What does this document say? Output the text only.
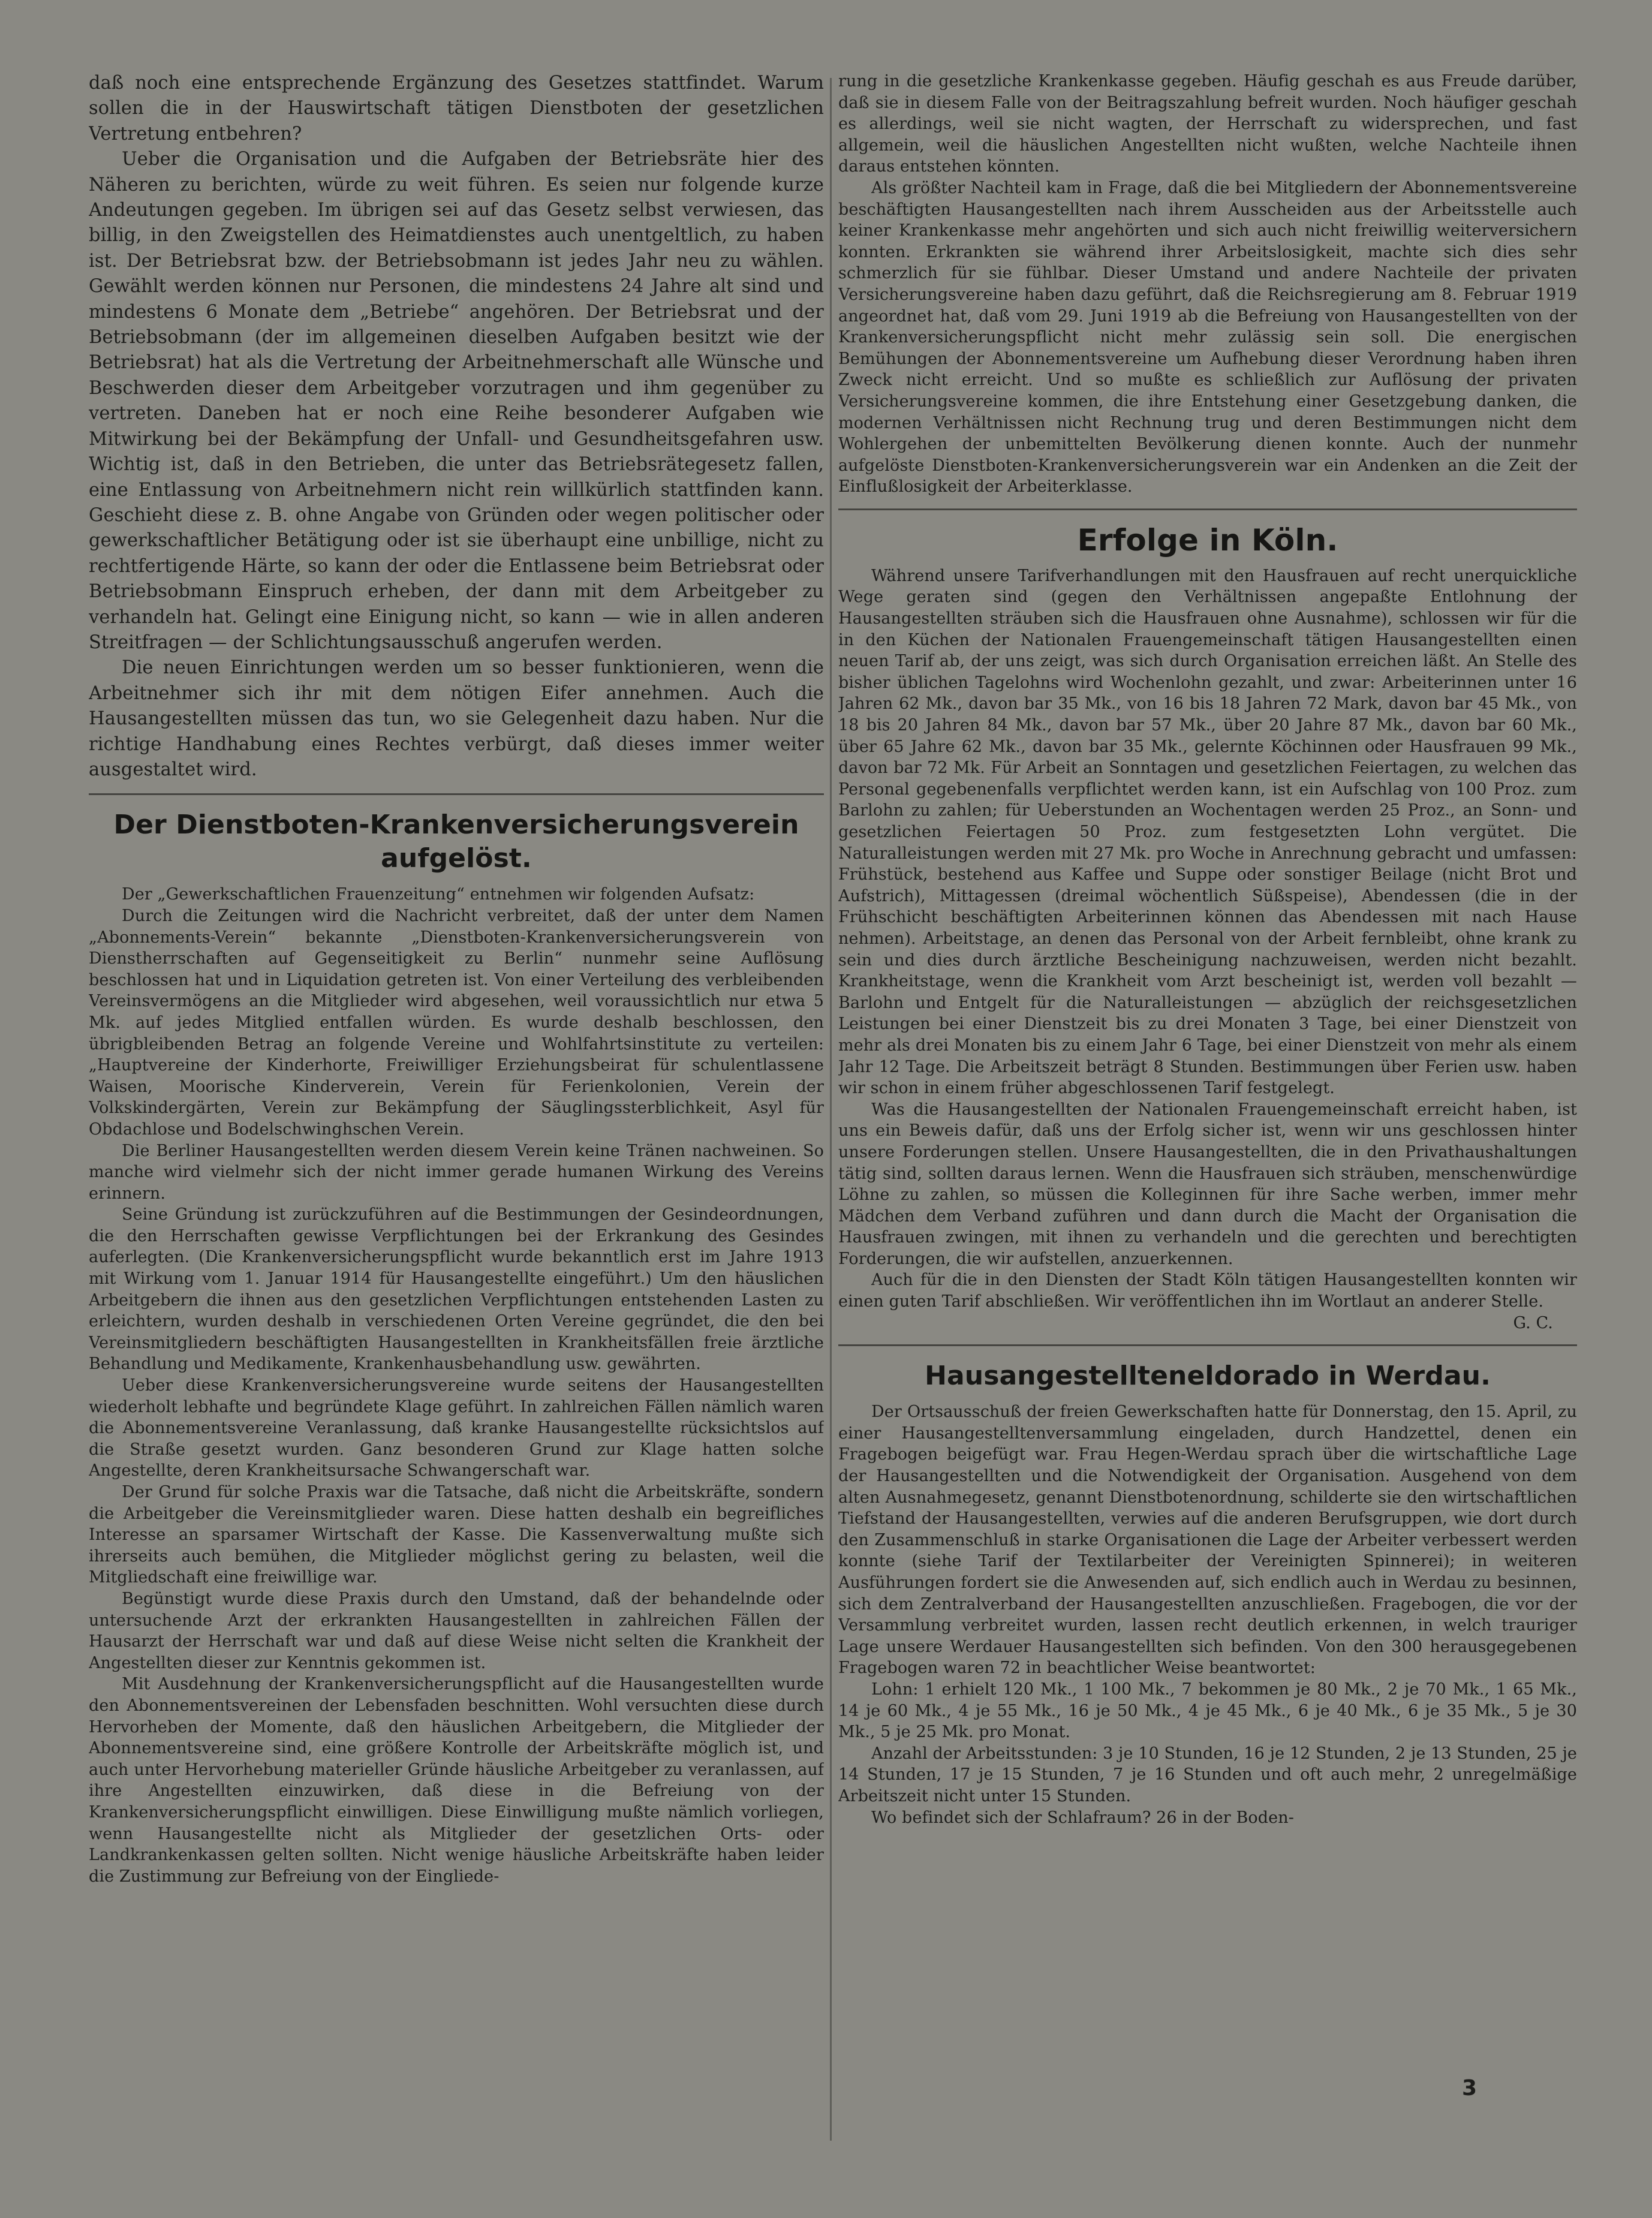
daß noch eine entsprechende Ergänzung des Gesetzes stattfindet. Warum sollen die in der Hauswirtschaft tätigen Dienstboten der gesetzlichen Vertretung entbehren?

Ueber die Organisation und die Aufgaben der Betriebsräte hier des Näheren zu berichten, würde zu weit führen. Es seien nur folgende kurze Andeutungen gegeben. Im übrigen sei auf das Gesetz selbst verwiesen, das billig, in den Zweigstellen des Heimatdienstes auch unentgeltlich, zu haben ist. Der Betriebsrat bzw. der Betriebsobmann ist jedes Jahr neu zu wählen. Gewählt werden können nur Personen, die mindestens 24 Jahre alt sind und mindestens 6 Monate dem „Betriebe“ angehören. Der Betriebsrat und der Betriebsobmann (der im allgemeinen dieselben Aufgaben besitzt wie der Betriebsrat) hat als die Vertretung der Arbeitnehmerschaft alle Wünsche und Beschwerden dieser dem Arbeitgeber vorzutragen und ihm gegenüber zu vertreten. Daneben hat er noch eine Reihe besonderer Aufgaben wie Mitwirkung bei der Bekämpfung der Unfall- und Gesundheitsgefahren usw. Wichtig ist, daß in den Betrieben, die unter das Betriebsrätegesetz fallen, eine Entlassung von Arbeitnehmern nicht rein willkürlich stattfinden kann. Geschieht diese z. B. ohne Angabe von Gründen oder wegen politischer oder gewerkschaftlicher Betätigung oder ist sie überhaupt eine unbillige, nicht zu rechtfertigende Härte, so kann der oder die Entlassene beim Betriebsrat oder Betriebsobmann Einspruch erheben, der dann mit dem Arbeitgeber zu verhandeln hat. Gelingt eine Einigung nicht, so kann — wie in allen anderen Streitfragen — der Schlichtungsausschuß angerufen werden.

Die neuen Einrichtungen werden um so besser funktionieren, wenn die Arbeitnehmer sich ihr mit dem nötigen Eifer annehmen. Auch die Hausangestellten müssen das tun, wo sie Gelegenheit dazu haben. Nur die richtige Handhabung eines Rechtes verbürgt, daß dieses immer weiter ausgestaltet wird.

Der Dienstboten-Krankenversicherungsverein aufgelöst.

Der „Gewerkschaftlichen Frauenzeitung“ entnehmen wir folgenden Aufsatz:

Durch die Zeitungen wird die Nachricht verbreitet, daß der unter dem Namen „Abonnements-Verein“ bekannte „Dienstboten-Krankenversicherungsverein von Dienstherrschaften auf Gegenseitigkeit zu Berlin“ nunmehr seine Auflösung beschlossen hat und in Liquidation getreten ist. Von einer Verteilung des verbleibenden Vereinsvermögens an die Mitglieder wird abgesehen, weil voraussichtlich nur etwa 5 Mk. auf jedes Mitglied entfallen würden. Es wurde deshalb beschlossen, den übrigbleibenden Betrag an folgende Vereine und Wohlfahrtsinstitute zu verteilen: „Hauptvereine der Kinderhorte, Freiwilliger Erziehungsbeirat für schulentlassene Waisen, Moorische Kinderverein, Verein für Ferienkolonien, Verein der Volkskindergärten, Verein zur Bekämpfung der Säuglingssterblichkeit, Asyl für Obdachlose und Bodelschwinghschen Verein.

Die Berliner Hausangestellten werden diesem Verein keine Tränen nachweinen. So manche wird vielmehr sich der nicht immer gerade humanen Wirkung des Vereins erinnern.

Seine Gründung ist zurückzuführen auf die Bestimmungen der Gesindeordnungen, die den Herrschaften gewisse Verpflichtungen bei der Erkrankung des Gesindes auferlegten. (Die Krankenversicherungspflicht wurde bekanntlich erst im Jahre 1913 mit Wirkung vom 1. Januar 1914 für Hausangestellte eingeführt.) Um den häuslichen Arbeitgebern die ihnen aus den gesetzlichen Verpflichtungen entstehenden Lasten zu erleichtern, wurden deshalb in verschiedenen Orten Vereine gegründet, die den bei Vereinsmitgliedern beschäftigten Hausangestellten in Krankheitsfällen freie ärztliche Behandlung und Medikamente, Krankenhausbehandlung usw. gewährten.

Ueber diese Krankenversicherungsvereine wurde seitens der Hausangestellten wiederholt lebhafte und begründete Klage geführt. In zahlreichen Fällen nämlich waren die Abonnementsvereine Veranlassung, daß kranke Hausangestellte rücksichtslos auf die Straße gesetzt wurden. Ganz besonderen Grund zur Klage hatten solche Angestellte, deren Krankheitsursache Schwangerschaft war.

Der Grund für solche Praxis war die Tatsache, daß nicht die Arbeitskräfte, sondern die Arbeitgeber die Vereinsmitglieder waren. Diese hatten deshalb ein begreifliches Interesse an sparsamer Wirtschaft der Kasse. Die Kassenverwaltung mußte sich ihrerseits auch bemühen, die Mitglieder möglichst gering zu belasten, weil die Mitgliedschaft eine freiwillige war.

Begünstigt wurde diese Praxis durch den Umstand, daß der behandelnde oder untersuchende Arzt der erkrankten Hausangestellten in zahlreichen Fällen der Hausarzt der Herrschaft war und daß auf diese Weise nicht selten die Krankheit der Angestellten dieser zur Kenntnis gekommen ist.

Mit Ausdehnung der Krankenversicherungspflicht auf die Hausangestellten wurde den Abonnementsvereinen der Lebensfaden beschnitten. Wohl versuchten diese durch Hervorheben der Momente, daß den häuslichen Arbeitgebern, die Mitglieder der Abonnementsvereine sind, eine größere Kontrolle der Arbeitskräfte möglich ist, und auch unter Hervorhebung materieller Gründe häusliche Arbeitgeber zu veranlassen, auf ihre Angestellten einzuwirken, daß diese in die Befreiung von der Krankenversicherungspflicht einwilligen. Diese Einwilligung mußte nämlich vorliegen, wenn Hausangestellte nicht als Mitglieder der gesetzlichen Orts- oder Landkrankenkassen gelten sollten. Nicht wenige häusliche Arbeitskräfte haben leider die Zustimmung zur Befreiung von der Eingliede-

rung in die gesetzliche Krankenkasse gegeben. Häufig geschah es aus Freude darüber, daß sie in diesem Falle von der Beitragszahlung befreit wurden. Noch häufiger geschah es allerdings, weil sie nicht wagten, der Herrschaft zu widersprechen, und fast allgemein, weil die häuslichen Angestellten nicht wußten, welche Nachteile ihnen daraus entstehen könnten.

Als größter Nachteil kam in Frage, daß die bei Mitgliedern der Abonnementsvereine beschäftigten Hausangestellten nach ihrem Ausscheiden aus der Arbeitsstelle auch keiner Krankenkasse mehr angehörten und sich auch nicht freiwillig weiterversichern konnten. Erkrankten sie während ihrer Arbeitslosigkeit, machte sich dies sehr schmerzlich für sie fühlbar. Dieser Umstand und andere Nachteile der privaten Versicherungsvereine haben dazu geführt, daß die Reichsregierung am 8. Februar 1919 angeordnet hat, daß vom 29. Juni 1919 ab die Befreiung von Hausangestellten von der Krankenversicherungspflicht nicht mehr zulässig sein soll. Die energischen Bemühungen der Abonnementsvereine um Aufhebung dieser Verordnung haben ihren Zweck nicht erreicht. Und so mußte es schließlich zur Auflösung der privaten Versicherungsvereine kommen, die ihre Entstehung einer Gesetzgebung danken, die modernen Verhältnissen nicht Rechnung trug und deren Bestimmungen nicht dem Wohlergehen der unbemittelten Bevölkerung dienen konnte. Auch der nunmehr aufgelöste Dienstboten-Krankenversicherungsverein war ein Andenken an die Zeit der Einflußlosigkeit der Arbeiterklasse.

Erfolge in Köln.

Während unsere Tarifverhandlungen mit den Hausfrauen auf recht unerquickliche Wege geraten sind (gegen den Verhältnissen angepaßte Entlohnung der Hausangestellten sträuben sich die Hausfrauen ohne Ausnahme), schlossen wir für die in den Küchen der Nationalen Frauengemeinschaft tätigen Hausangestellten einen neuen Tarif ab, der uns zeigt, was sich durch Organisation erreichen läßt. An Stelle des bisher üblichen Tagelohns wird Wochenlohn gezahlt, und zwar: Arbeiterinnen unter 16 Jahren 62 Mk., davon bar 35 Mk., von 16 bis 18 Jahren 72 Mark, davon bar 45 Mk., von 18 bis 20 Jahren 84 Mk., davon bar 57 Mk., über 20 Jahre 87 Mk., davon bar 60 Mk., über 65 Jahre 62 Mk., davon bar 35 Mk., gelernte Köchinnen oder Hausfrauen 99 Mk., davon bar 72 Mk. Für Arbeit an Sonntagen und gesetzlichen Feiertagen, zu welchen das Personal gegebenenfalls verpflichtet werden kann, ist ein Aufschlag von 100 Proz. zum Barlohn zu zahlen; für Ueberstunden an Wochentagen werden 25 Proz., an Sonn- und gesetzlichen Feiertagen 50 Proz. zum festgesetzten Lohn vergütet. Die Naturalleistungen werden mit 27 Mk. pro Woche in Anrechnung gebracht und umfassen: Frühstück, bestehend aus Kaffee und Suppe oder sonstiger Beilage (nicht Brot und Aufstrich), Mittagessen (dreimal wöchentlich Süßspeise), Abendessen (die in der Frühschicht beschäftigten Arbeiterinnen können das Abendessen mit nach Hause nehmen). Arbeitstage, an denen das Personal von der Arbeit fernbleibt, ohne krank zu sein und dies durch ärztliche Bescheinigung nachzuweisen, werden nicht bezahlt. Krankheitstage, wenn die Krankheit vom Arzt bescheinigt ist, werden voll bezahlt — Barlohn und Entgelt für die Naturalleistungen — abzüglich der reichsgesetzlichen Leistungen bei einer Dienstzeit bis zu drei Monaten 3 Tage, bei einer Dienstzeit von mehr als drei Monaten bis zu einem Jahr 6 Tage, bei einer Dienstzeit von mehr als einem Jahr 12 Tage. Die Arbeitszeit beträgt 8 Stunden. Bestimmungen über Ferien usw. haben wir schon in einem früher abgeschlossenen Tarif festgelegt.

Was die Hausangestellten der Nationalen Frauengemeinschaft erreicht haben, ist uns ein Beweis dafür, daß uns der Erfolg sicher ist, wenn wir uns geschlossen hinter unsere Forderungen stellen. Unsere Hausangestellten, die in den Privathaushaltungen tätig sind, sollten daraus lernen. Wenn die Hausfrauen sich sträuben, menschenwürdige Löhne zu zahlen, so müssen die Kolleginnen für ihre Sache werben, immer mehr Mädchen dem Verband zuführen und dann durch die Macht der Organisation die Hausfrauen zwingen, mit ihnen zu verhandeln und die gerechten und berechtigten Forderungen, die wir aufstellen, anzuerkennen.

Auch für die in den Diensten der Stadt Köln tätigen Hausangestellten konnten wir einen guten Tarif abschließen. Wir veröffentlichen ihn im Wortlaut an anderer Stelle.

G. C.

Hausangestellteneldorado in Werdau.

Der Ortsausschuß der freien Gewerkschaften hatte für Donnerstag, den 15. April, zu einer Hausangestelltenversammlung eingeladen, durch Handzettel, denen ein Fragebogen beigefügt war. Frau Hegen-Werdau sprach über die wirtschaftliche Lage der Hausangestellten und die Notwendigkeit der Organisation. Ausgehend von dem alten Ausnahmegesetz, genannt Dienstbotenordnung, schilderte sie den wirtschaftlichen Tiefstand der Hausangestellten, verwies auf die anderen Berufsgruppen, wie dort durch den Zusammenschluß in starke Organisationen die Lage der Arbeiter verbessert werden konnte (siehe Tarif der Textilarbeiter der Vereinigten Spinnerei); in weiteren Ausführungen fordert sie die Anwesenden auf, sich endlich auch in Werdau zu besinnen, sich dem Zentralverband der Hausangestellten anzuschließen. Fragebogen, die vor der Versammlung verbreitet wurden, lassen recht deutlich erkennen, in welch trauriger Lage unsere Werdauer Hausangestellten sich befinden. Von den 300 herausgegebenen Fragebogen waren 72 in beachtlicher Weise beantwortet:

Lohn: 1 erhielt 120 Mk., 1 100 Mk., 7 bekommen je 80 Mk., 2 je 70 Mk., 1 65 Mk., 14 je 60 Mk., 4 je 55 Mk., 16 je 50 Mk., 4 je 45 Mk., 6 je 40 Mk., 6 je 35 Mk., 5 je 30 Mk., 5 je 25 Mk. pro Monat.

Anzahl der Arbeitsstunden: 3 je 10 Stunden, 16 je 12 Stunden, 2 je 13 Stunden, 25 je 14 Stunden, 17 je 15 Stunden, 7 je 16 Stunden und oft auch mehr, 2 unregelmäßige Arbeitszeit nicht unter 15 Stunden.

Wo befindet sich der Schlafraum? 26 in der Boden-

3
